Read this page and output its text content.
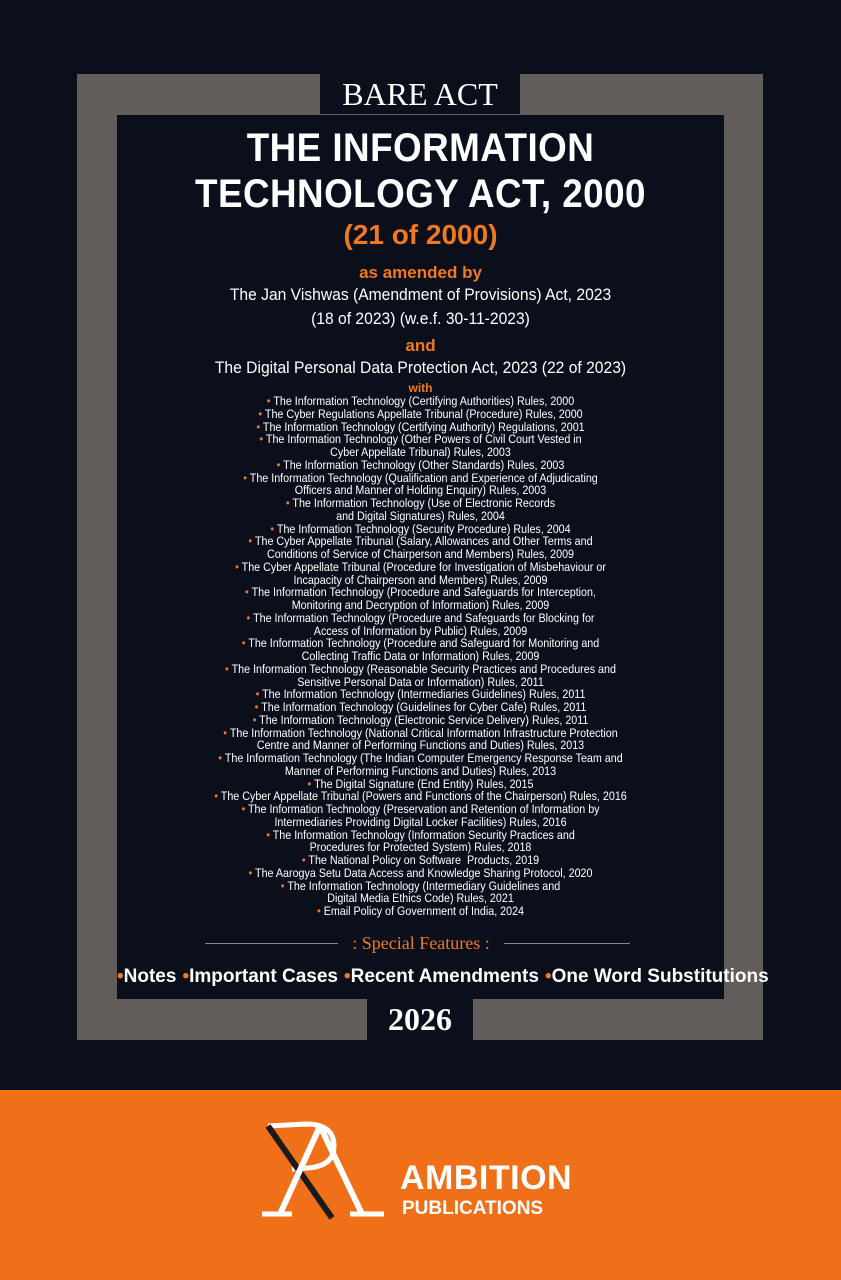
BARE ACT
THE INFORMATION
TECHNOLOGY ACT, 2000
(21 of 2000)
as amended by
The Jan Vishwas (Amendment of Provisions) Act, 2023
(18 of 2023) (w.e.f. 30-11-2023)
and
The Digital Personal Data Protection Act, 2023 (22 of 2023)
with
• The Information Technology (Certifying Authorities) Rules, 2000
• The Cyber Regulations Appellate Tribunal (Procedure) Rules, 2000
• The Information Technology (Certifying Authority) Regulations, 2001
• The Information Technology (Other Powers of Civil Court Vested in
Cyber Appellate Tribunal) Rules, 2003
• The Information Technology (Other Standards) Rules, 2003
• The Information Technology (Qualification and Experience of Adjudicating
Officers and Manner of Holding Enquiry) Rules, 2003
• The Information Technology (Use of Electronic Records
and Digital Signatures) Rules, 2004
• The Information Technology (Security Procedure) Rules, 2004
• The Cyber Appellate Tribunal (Salary, Allowances and Other Terms and
Conditions of Service of Chairperson and Members) Rules, 2009
• The Cyber Appellate Tribunal (Procedure for Investigation of Misbehaviour or
Incapacity of Chairperson and Members) Rules, 2009
• The Information Technology (Procedure and Safeguards for Interception,
Monitoring and Decryption of Information) Rules, 2009
• The Information Technology (Procedure and Safeguards for Blocking for
Access of Information by Public) Rules, 2009
• The Information Technology (Procedure and Safeguard for Monitoring and
Collecting Traffic Data or Information) Rules, 2009
• The Information Technology (Reasonable Security Practices and Procedures and
Sensitive Personal Data or Information) Rules, 2011
• The Information Technology (Intermediaries Guidelines) Rules, 2011
• The Information Technology (Guidelines for Cyber Cafe) Rules, 2011
• The Information Technology (Electronic Service Delivery) Rules, 2011
• The Information Technology (National Critical Information Infrastructure Protection
Centre and Manner of Performing Functions and Duties) Rules, 2013
• The Information Technology (The Indian Computer Emergency Response Team and
Manner of Performing Functions and Duties) Rules, 2013
• The Digital Signature (End Entity) Rules, 2015
• The Cyber Appellate Tribunal (Powers and Functions of the Chairperson) Rules, 2016
• The Information Technology (Preservation and Retention of Information by
Intermediaries Providing Digital Locker Facilities) Rules, 2016
• The Information Technology (Information Security Practices and
Procedures for Protected System) Rules, 2018
• The National Policy on Software  Products, 2019
• The Aarogya Setu Data Access and Knowledge Sharing Protocol, 2020
• The Information Technology (Intermediary Guidelines and
Digital Media Ethics Code) Rules, 2021
• Email Policy of Government of India, 2024
: Special Features :
•Notes •Important Cases •Recent Amendments •One Word Substitutions
2026
AMBITION
PUBLICATIONS
